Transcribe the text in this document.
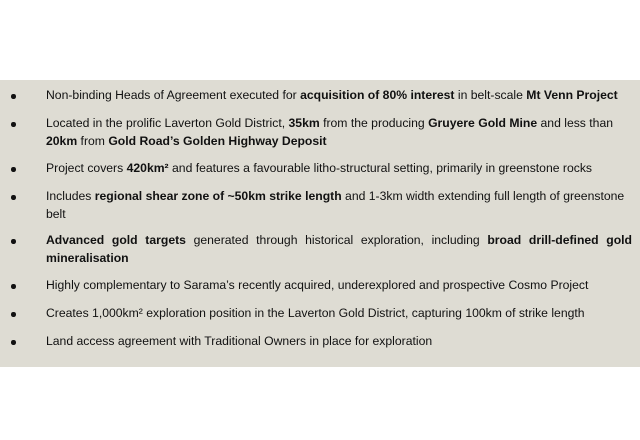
Non-binding Heads of Agreement executed for acquisition of 80% interest in belt-scale Mt Venn Project
Located in the prolific Laverton Gold District, 35km from the producing Gruyere Gold Mine and less than 20km from Gold Road’s Golden Highway Deposit
Project covers 420km² and features a favourable litho-structural setting, primarily in greenstone rocks
Includes regional shear zone of ~50km strike length and 1-3km width extending full length of greenstone belt
Advanced gold targets generated through historical exploration, including broad drill-defined gold mineralisation
Highly complementary to Sarama’s recently acquired, underexplored and prospective Cosmo Project
Creates 1,000km² exploration position in the Laverton Gold District, capturing 100km of strike length
Land access agreement with Traditional Owners in place for exploration
